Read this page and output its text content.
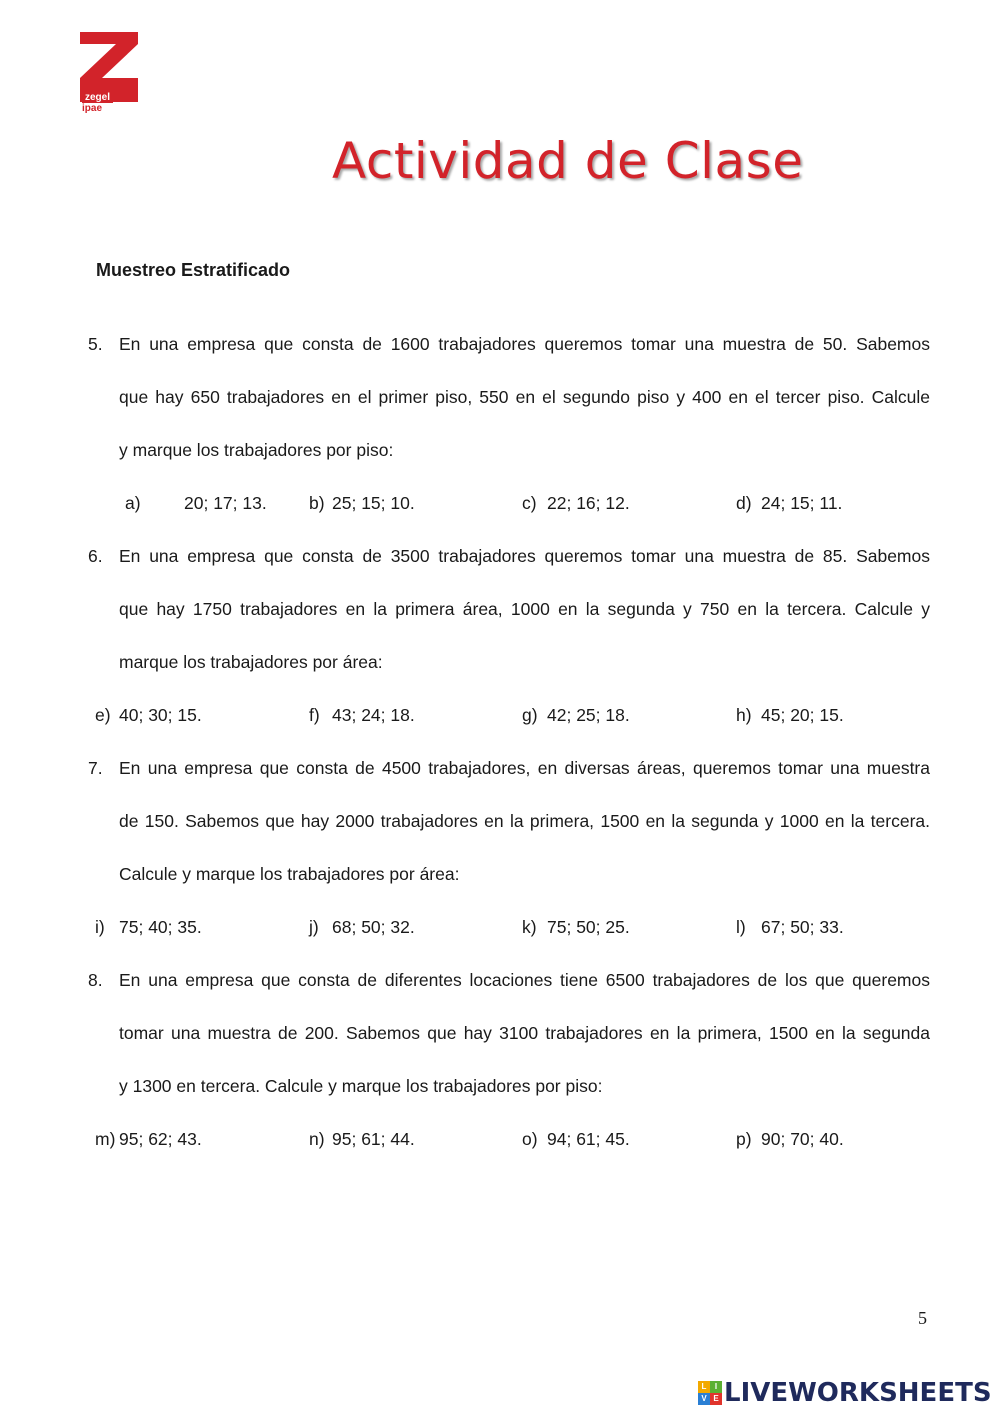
zegel
ipae
Actividad de Clase
Muestreo Estratificado
5. En una empresa que consta de 1600 trabajadores queremos tomar una muestra de 50. Sabemos
que hay 650 trabajadores en el primer piso, 550 en el segundo piso y 400 en el tercer piso. Calcule
y marque los trabajadores por piso:
a) 20; 17; 13. b) 25; 15; 10.	c) 22; 16; 12.	d) 24; 15; 11.
6. En una empresa que consta de 3500 trabajadores queremos tomar una muestra de 85. Sabemos
que hay 1750 trabajadores en la primera área, 1000 en la segunda y 750 en la tercera. Calcule y
marque los trabajadores por área:
e) 40; 30; 15.	f) 43; 24; 18.	g) 42; 25; 18.	h) 45; 20; 15.
7. En una empresa que consta de 4500 trabajadores, en diversas áreas, queremos tomar una muestra
de 150. Sabemos que hay 2000 trabajadores en la primera, 1500 en la segunda y 1000 en la tercera.
Calcule y marque los trabajadores por área:
i) 75; 40; 35.	j) 68; 50; 32.	k) 75; 50; 25.	l) 67; 50; 33.
8. En una empresa que consta de diferentes locaciones tiene 6500 trabajadores de los que queremos
tomar una muestra de 200. Sabemos que hay 3100 trabajadores en la primera, 1500 en la segunda
y 1300 en tercera. Calcule y marque los trabajadores por piso:
m) 95; 62; 43.	n) 95; 61; 44.	o) 94; 61; 45.	p) 90; 70; 40.
5
L	I
V E LIVEWORKSHEETS
